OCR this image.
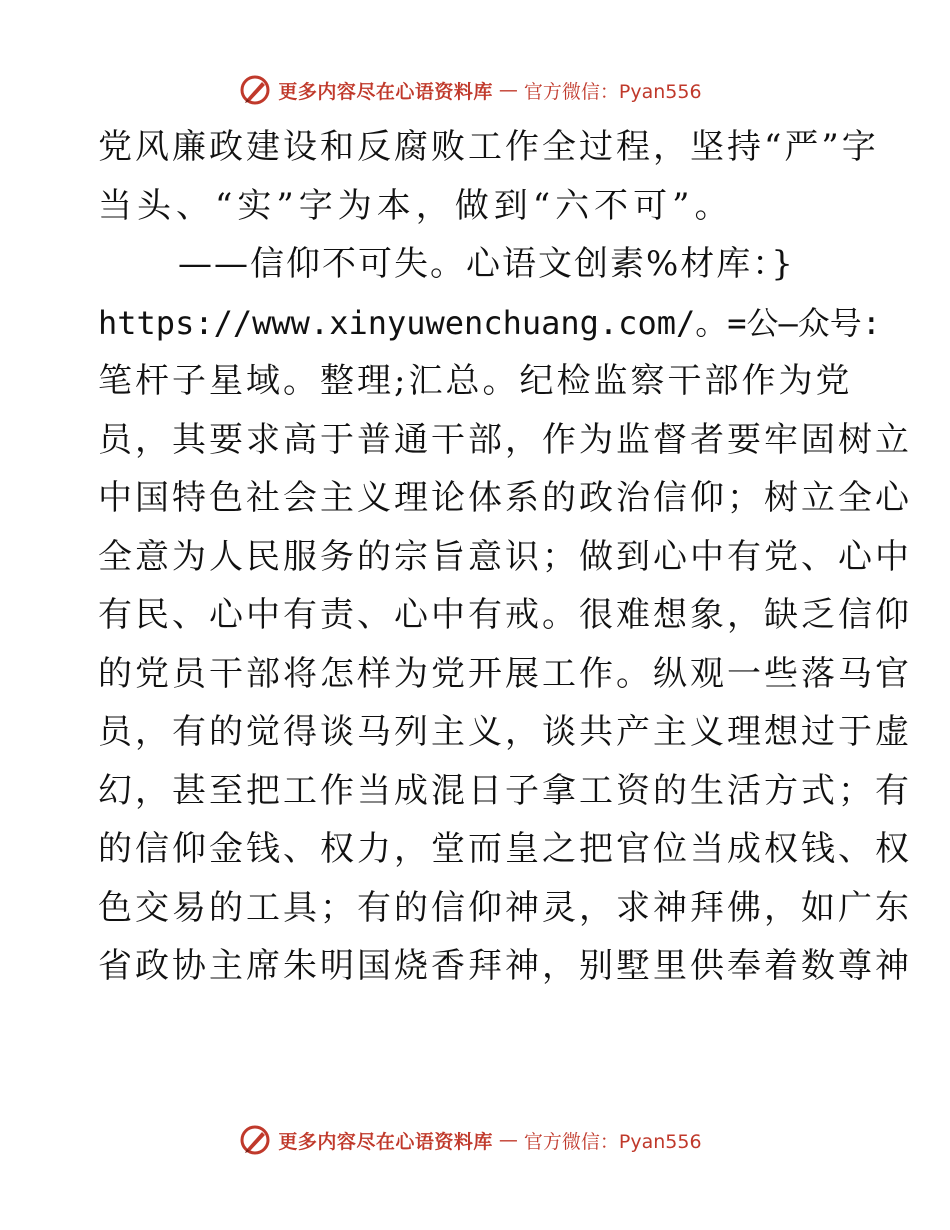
更多内容尽在心语资料库 — 官方微信：Pyan556
党风廉政建设和反腐败工作全过程，坚持“严”字
当头、“实”字为本，做到“六不可”。
——信仰不可失。心语文创素%材库：}
https://www.xinyuwenchuang.com/。=公—众号:
笔杆子星域。整理;汇总。纪检监察干部作为党
员，其要求高于普通干部，作为监督者要牢固树立
中国特色社会主义理论体系的政治信仰；树立全心
全意为人民服务的宗旨意识；做到心中有党、心中
有民、心中有责、心中有戒。很难想象，缺乏信仰
的党员干部将怎样为党开展工作。纵观一些落马官
员，有的觉得谈马列主义，谈共产主义理想过于虚
幻，甚至把工作当成混日子拿工资的生活方式；有
的信仰金钱、权力，堂而皇之把官位当成权钱、权
色交易的工具；有的信仰神灵，求神拜佛，如广东
省政协主席朱明国烧香拜神，别墅里供奉着数尊神
更多内容尽在心语资料库 — 官方微信：Pyan556
